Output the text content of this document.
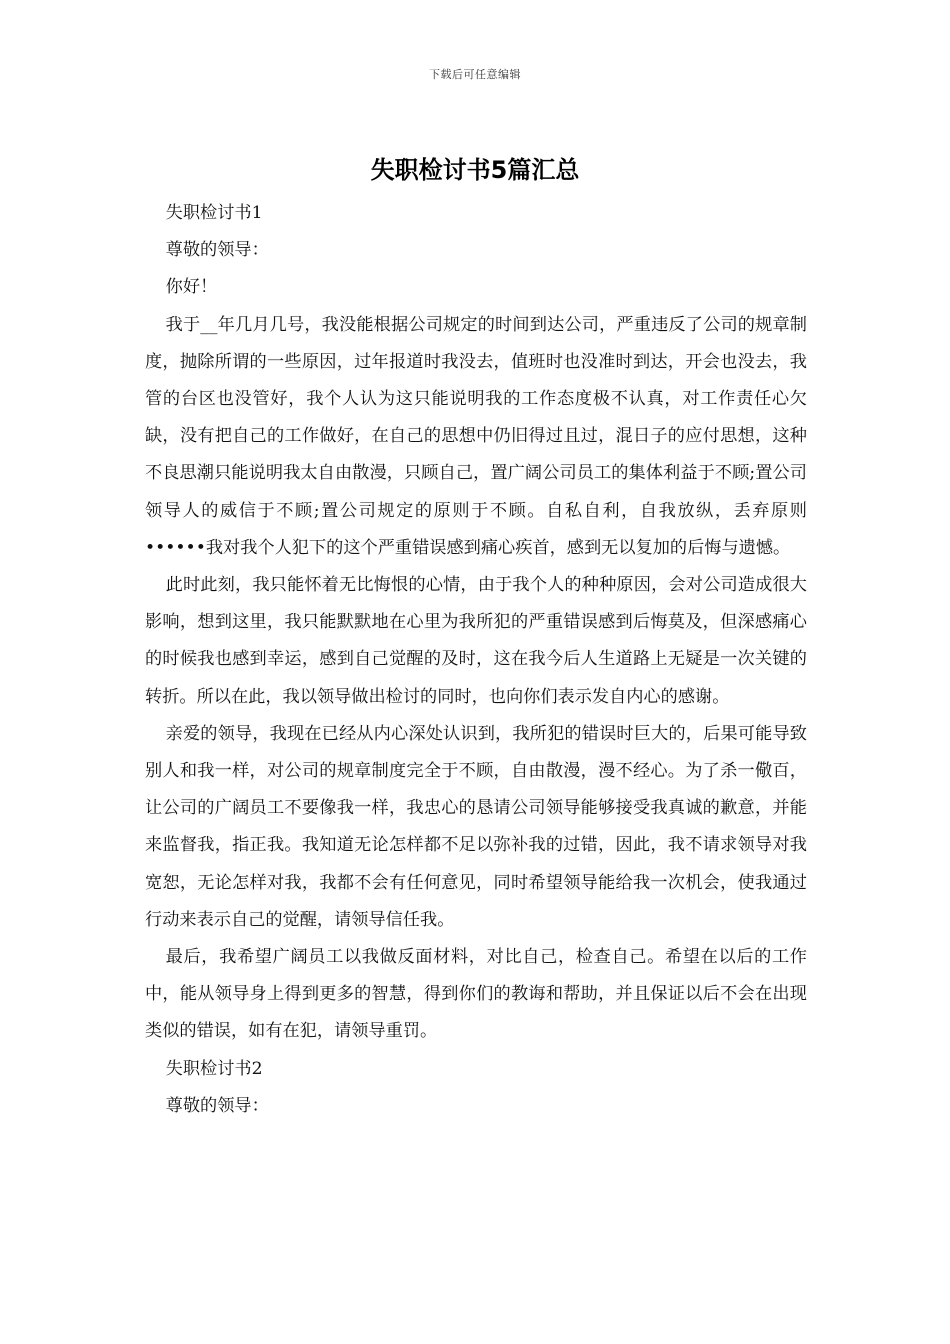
下载后可任意编辑
失职检讨书5篇汇总

失职检讨书1

尊敬的领导：

你好！

我于__年几月几号，我没能根据公司规定的时间到达公司，严重违反了公司的规章制度，抛除所谓的一些原因，过年报道时我没去，值班时也没准时到达，开会也没去，我管的台区也没管好，我个人认为这只能说明我的工作态度极不认真，对工作责任心欠缺，没有把自己的工作做好，在自己的思想中仍旧得过且过，混日子的应付思想，这种不良思潮只能说明我太自由散漫，只顾自己，置广阔公司员工的集体利益于不顾;置公司领导人的威信于不顾;置公司规定的原则于不顾。自私自利，自我放纵，丢弃原则••••••我对我个人犯下的这个严重错误感到痛心疾首，感到无以复加的后悔与遗憾。

此时此刻，我只能怀着无比悔恨的心情，由于我个人的种种原因，会对公司造成很大影响，想到这里，我只能默默地在心里为我所犯的严重错误感到后悔莫及，但深感痛心的时候我也感到幸运，感到自己觉醒的及时，这在我今后人生道路上无疑是一次关键的转折。所以在此，我以领导做出检讨的同时，也向你们表示发自内心的感谢。

亲爱的领导，我现在已经从内心深处认识到，我所犯的错误时巨大的，后果可能导致别人和我一样，对公司的规章制度完全于不顾，自由散漫，漫不经心。为了杀一儆百，让公司的广阔员工不要像我一样，我忠心的恳请公司领导能够接受我真诚的歉意，并能来监督我，指正我。我知道无论怎样都不足以弥补我的过错，因此，我不请求领导对我宽恕，无论怎样对我，我都不会有任何意见，同时希望领导能给我一次机会，使我通过行动来表示自己的觉醒，请领导信任我。

最后，我希望广阔员工以我做反面材料，对比自己，检查自己。希望在以后的工作中，能从领导身上得到更多的智慧，得到你们的教诲和帮助，并且保证以后不会在出现类似的错误，如有在犯，请领导重罚。

失职检讨书2

尊敬的领导：
